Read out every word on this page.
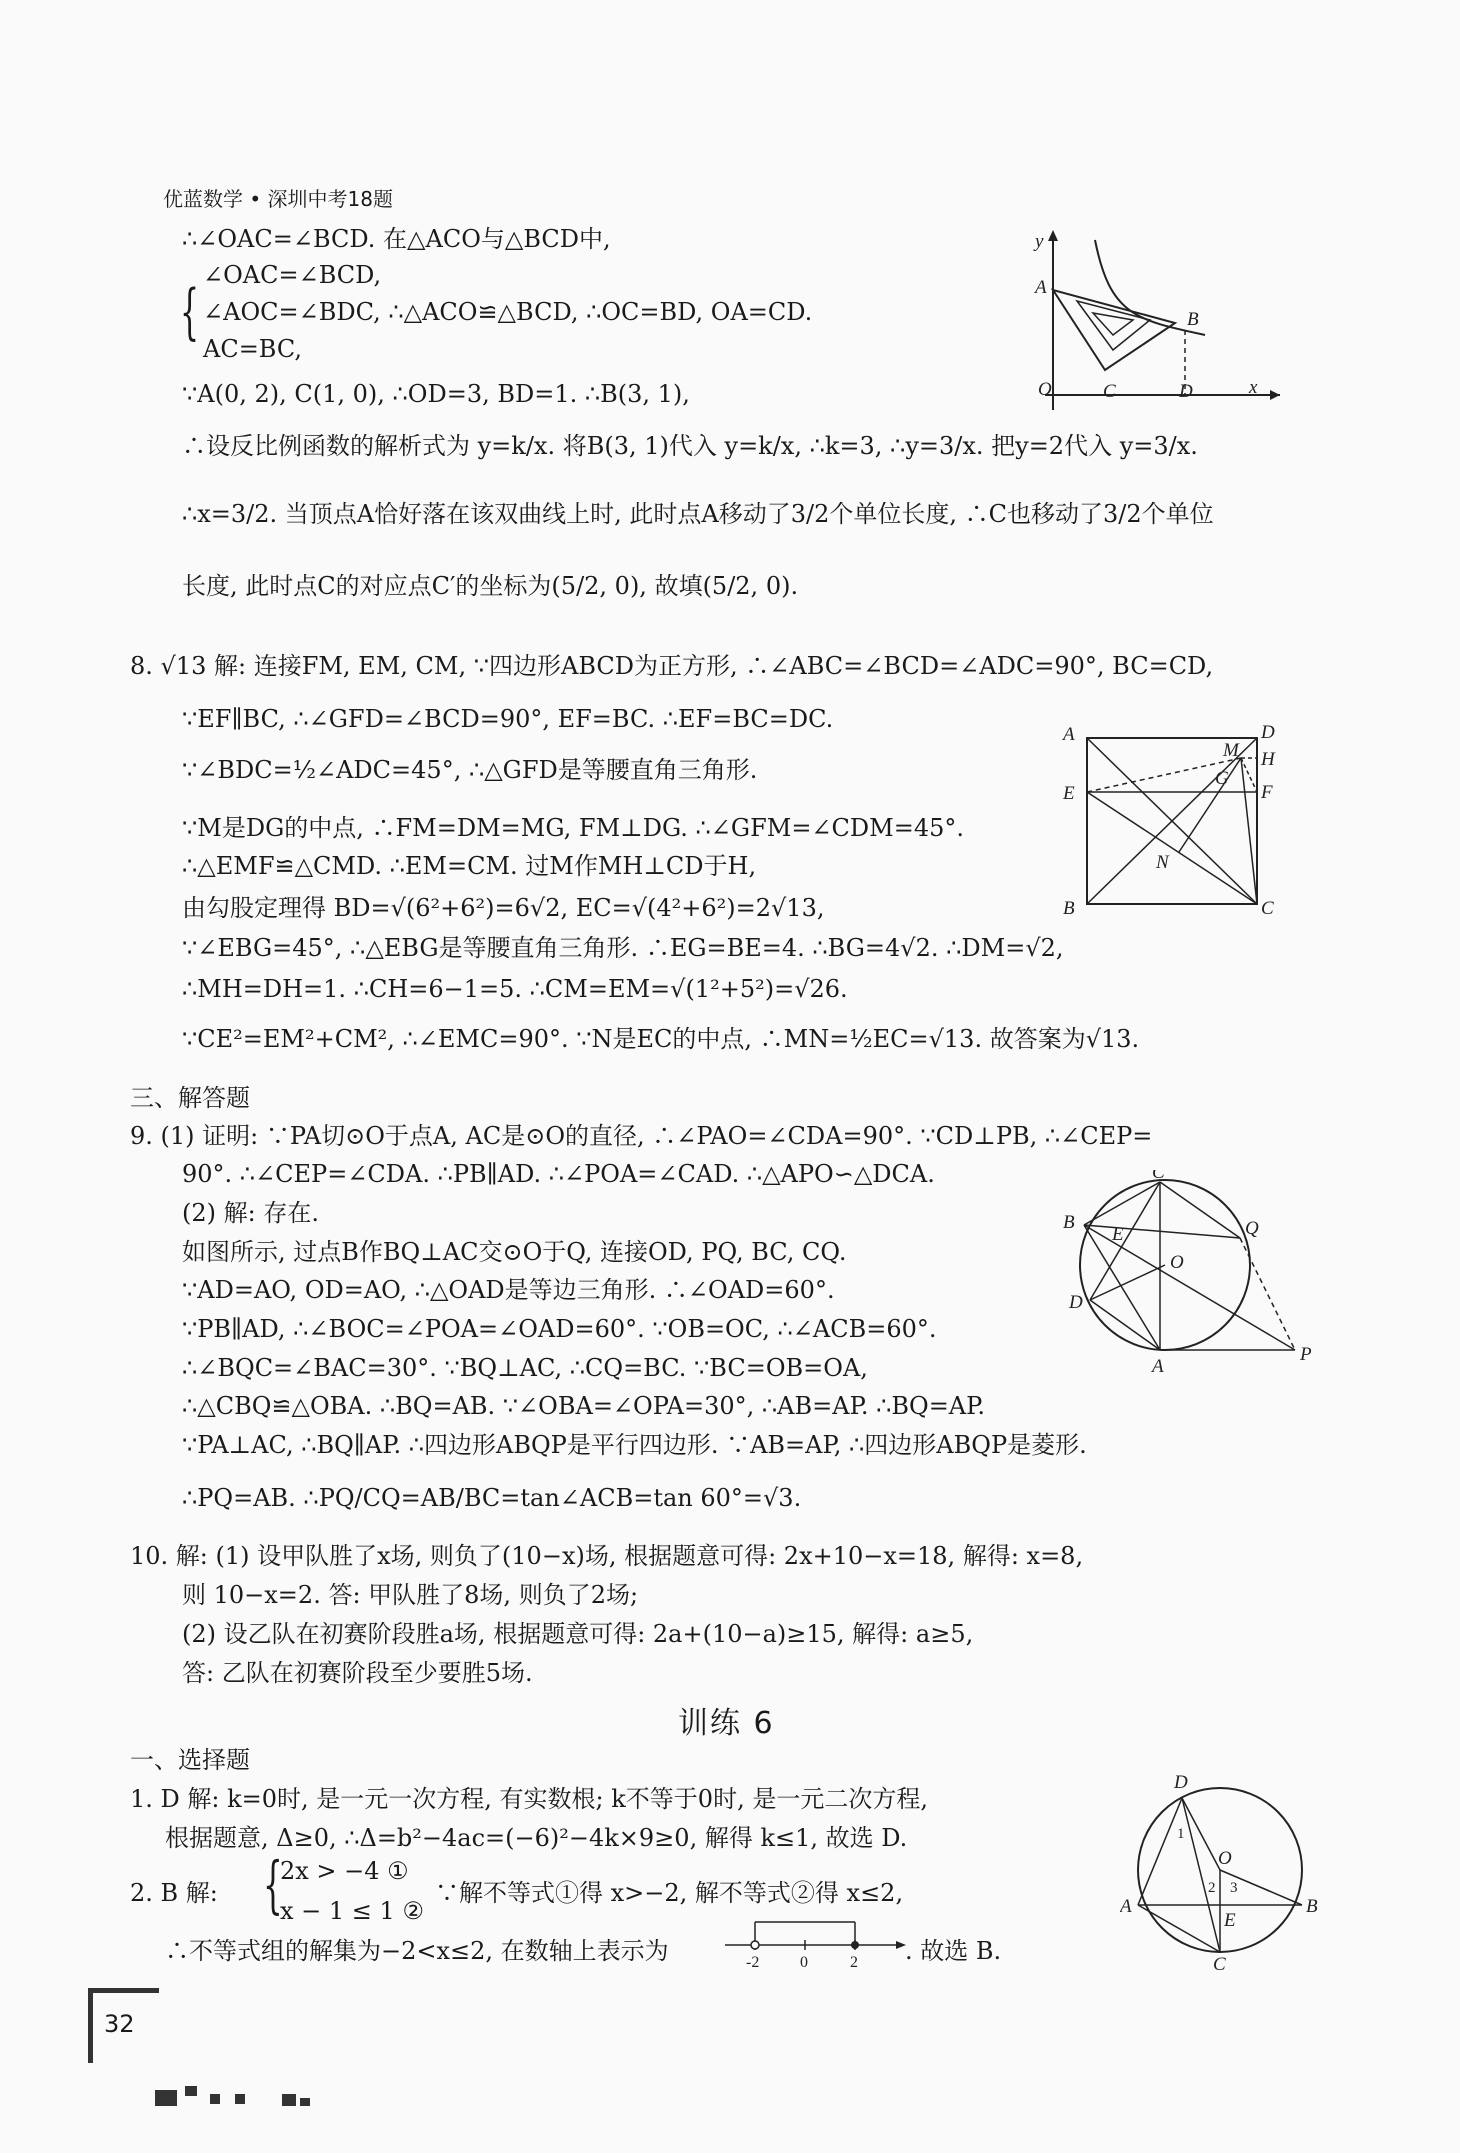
优蓝数学 • 深圳中考18题
∴∠OAC=∠BCD. 在△ACO与△BCD中,
{
∠OAC=∠BCD,
∠AOC=∠BDC, ∴△ACO≌△BCD, ∴OC=BD, OA=CD.
AC=BC,
∵A(0, 2), C(1, 0), ∴OD=3, BD=1. ∴B(3, 1),
∴设反比例函数的解析式为 y=k/x. 将B(3, 1)代入 y=k/x, ∴k=3, ∴y=3/x. 把y=2代入 y=3/x.
∴x=3/2. 当顶点A恰好落在该双曲线上时, 此时点A移动了3/2个单位长度, ∴C也移动了3/2个单位
长度, 此时点C的对应点C′的坐标为(5/2, 0), 故填(5/2, 0).
y
A
B
O	C	D	x
8. √13 解: 连接FM, EM, CM, ∵四边形ABCD为正方形, ∴∠ABC=∠BCD=∠ADC=90°, BC=CD,
∵EF∥BC, ∴∠GFD=∠BCD=90°, EF=BC. ∴EF=BC=DC.
∵∠BDC=½∠ADC=45°, ∴△GFD是等腰直角三角形.
∵M是DG的中点, ∴FM=DM=MG, FM⊥DG. ∴∠GFM=∠CDM=45°.
∴△EMF≌△CMD. ∴EM=CM. 过M作MH⊥CD于H,
由勾股定理得 BD=√(6²+6²)=6√2, EC=√(4²+6²)=2√13,
∵∠EBG=45°, ∴△EBG是等腰直角三角形. ∴EG=BE=4. ∴BG=4√2. ∴DM=√2,
∴MH=DH=1. ∴CH=6−1=5. ∴CM=EM=√(1²+5²)=√26.
∵CE²=EM²+CM², ∴∠EMC=90°. ∵N是EC的中点, ∴MN=½EC=√13. 故答案为√13.
A	D
M H
G
E	F
N
B	C
三、解答题
9. (1) 证明: ∵PA切⊙O于点A, AC是⊙O的直径, ∴∠PAO=∠CDA=90°. ∵CD⊥PB, ∴∠CEP=
90°. ∴∠CEP=∠CDA. ∴PB∥AD. ∴∠POA=∠CAD. ∴△APO∽△DCA.
(2) 解: 存在.
如图所示, 过点B作BQ⊥AC交⊙O于Q, 连接OD, PQ, BC, CQ.
∵AD=AO, OD=AO, ∴△OAD是等边三角形. ∴∠OAD=60°.
∵PB∥AD, ∴∠BOC=∠POA=∠OAD=60°. ∵OB=OC, ∴∠ACB=60°.
∴∠BQC=∠BAC=30°. ∵BQ⊥AC, ∴CQ=BC. ∵BC=OB=OA,
∴△CBQ≌△OBA. ∴BQ=AB. ∵∠OBA=∠OPA=30°, ∴AB=AP. ∴BQ=AP.
∵PA⊥AC, ∴BQ∥AP. ∴四边形ABQP是平行四边形. ∵AB=AP, ∴四边形ABQP是菱形.
∴PQ=AB. ∴PQ/CQ=AB/BC=tan∠ACB=tan 60°=√3.
C
B
E	Q
O
D
A
P
10. 解: (1) 设甲队胜了x场, 则负了(10−x)场, 根据题意可得: 2x+10−x=18, 解得: x=8,
则 10−x=2. 答: 甲队胜了8场, 则负了2场;
(2) 设乙队在初赛阶段胜a场, 根据题意可得: 2a+(10−a)≥15, 解得: a≥5,
答: 乙队在初赛阶段至少要胜5场.
训练 6
一、选择题
1. D 解: k=0时, 是一元一次方程, 有实数根; k不等于0时, 是一元二次方程,
根据题意, Δ≥0, ∴Δ=b²−4ac=(−6)²−4k×9≥0, 解得 k≤1, 故选 D.
2. B 解: {
2x > −4 ①
x − 1 ≤ 1 ②
∵解不等式①得 x>−2, 解不等式②得 x≤2,
∴不等式组的解集为−2<x≤2, 在数轴上表示为	-2	0	2 . 故选 B.
D
1
O
2 3
A
E
B
C
32
